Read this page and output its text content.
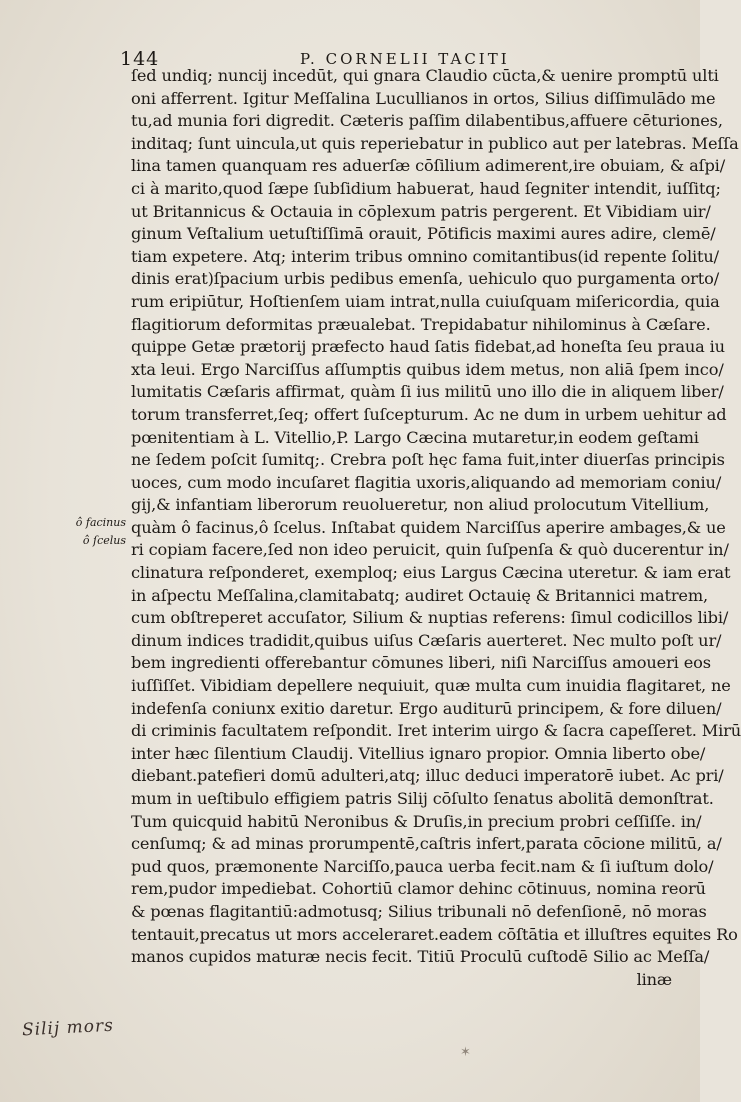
144	P. CORNELII TACITI
ſed undiq; nuncij incedūt, qui gnara Claudio cūcta,& uenire promptū ulti
oni afferrent. Igitur Meſſalina Lucullianos in ortos, Silius diſſimulādo me
tu,ad munia fori digredit. Cæteris paſſim dilabentibus,affuere cēturiones,
inditaq; ſunt uincula,ut quis reperiebatur in publico aut per latebras. Meſſa
lina tamen quanquam res aduerſæ cōſilium adimerent,ire obuiam, & aſpi/
ci à marito,quod ſæpe ſubſidium habuerat, haud ſegniter intendit, iuſſitq;
ut Britannicus & Octauia in cōplexum patris pergerent. Et Vibidiam uir/
ginum Veſtalium uetuſtiſſimā orauit, Pōtificis maximi aures adire, clemē/
tiam expetere. Atq; interim tribus omnino comitantibus(id repente ſolitu/
dinis erat)ſpacium urbis pedibus emenſa, uehiculo quo purgamenta orto/
rum eripiūtur, Hoſtienſem uiam intrat,nulla cuiuſquam miſericordia, quia
flagitiorum deformitas præualebat. Trepidabatur nihilominus à Cæſare.
quippe Getæ prætorij præfecto haud ſatis fidebat,ad honeſta ſeu praua iu
xta leui. Ergo Narciſſus aſſumptis quibus idem metus, non aliā ſpem inco/
lumitatis Cæſaris affirmat, quàm ſi ius militū uno illo die in aliquem liber/
torum transferret,ſeq; offert ſuſcepturum. Ac ne dum in urbem uehitur ad
pœnitentiam à L. Vitellio,P. Largo Cæcina mutaretur,in eodem geſtami
ne ſedem poſcit ſumitq;. Crebra poſt hęc fama fuit,inter diuerſas principis
uoces, cum modo incuſaret flagitia uxoris,aliquando ad memoriam coniu/
gij,& infantiam liberorum reuolueretur, non aliud prolocutum Vitellium,
quàm ô facinus,ô ſcelus. Inſtabat quidem Narciſſus aperire ambages,& ue
ri copiam facere,ſed non ideo peruicit, quin ſuſpenſa & quò ducerentur in/
clinatura reſponderet, exemploq; eius Largus Cæcina uteretur. & iam erat
in aſpectu Meſſalina,clamitabatq; audiret Octauię & Britannici matrem,
cum obſtreperet accuſator, Silium & nuptias referens: ſimul codicillos libi/
dinum indices tradidit,quibus uiſus Cæſaris auerteret. Nec multo poſt ur/
bem ingredienti offerebantur cōmunes liberi, niſi Narciſſus amoueri eos
iuſſiſſet. Vibidiam depellere nequiuit, quæ multa cum inuidia flagitaret, ne
indefenſa coniunx exitio daretur. Ergo auditurū principem, & fore diluen/
di criminis facultatem reſpondit. Iret interim uirgo & ſacra capeſſeret. Mirū
inter hæc ſilentium Claudij. Vitellius ignaro propior. Omnia liberto obe/
diebant.patefieri domū adulteri,atq; illuc deduci imperatorē iubet. Ac pri/
mum in ueſtibulo effigiem patris Silij cōſulto ſenatus abolitā demonſtrat.
Tum quicquid habitū Neronibus & Druſis,in precium probri ceſſiſſe. in/
cenſumq; & ad minas prorumpentē,caſtris infert,parata cōcione militū, a/
pud quos, præmonente Narciſſo,pauca uerba fecit.nam & ſi iuſtum dolo/
rem,pudor impediebat. Cohortiū clamor dehinc cōtinuus, nomina reorū
& pœnas flagitantiū:admotusq; Silius tribunali nō defenſionē, nō moras
tentauit,precatus ut mors acceleraret.eadem cōſtātia et illuſtres equites Ro
manos cupidos maturæ necis fecit. Titiū Proculū cuſtodē Silio ac Meſſa/
linæ
ô facinus
ô ſcelus
Silij mors
✶
